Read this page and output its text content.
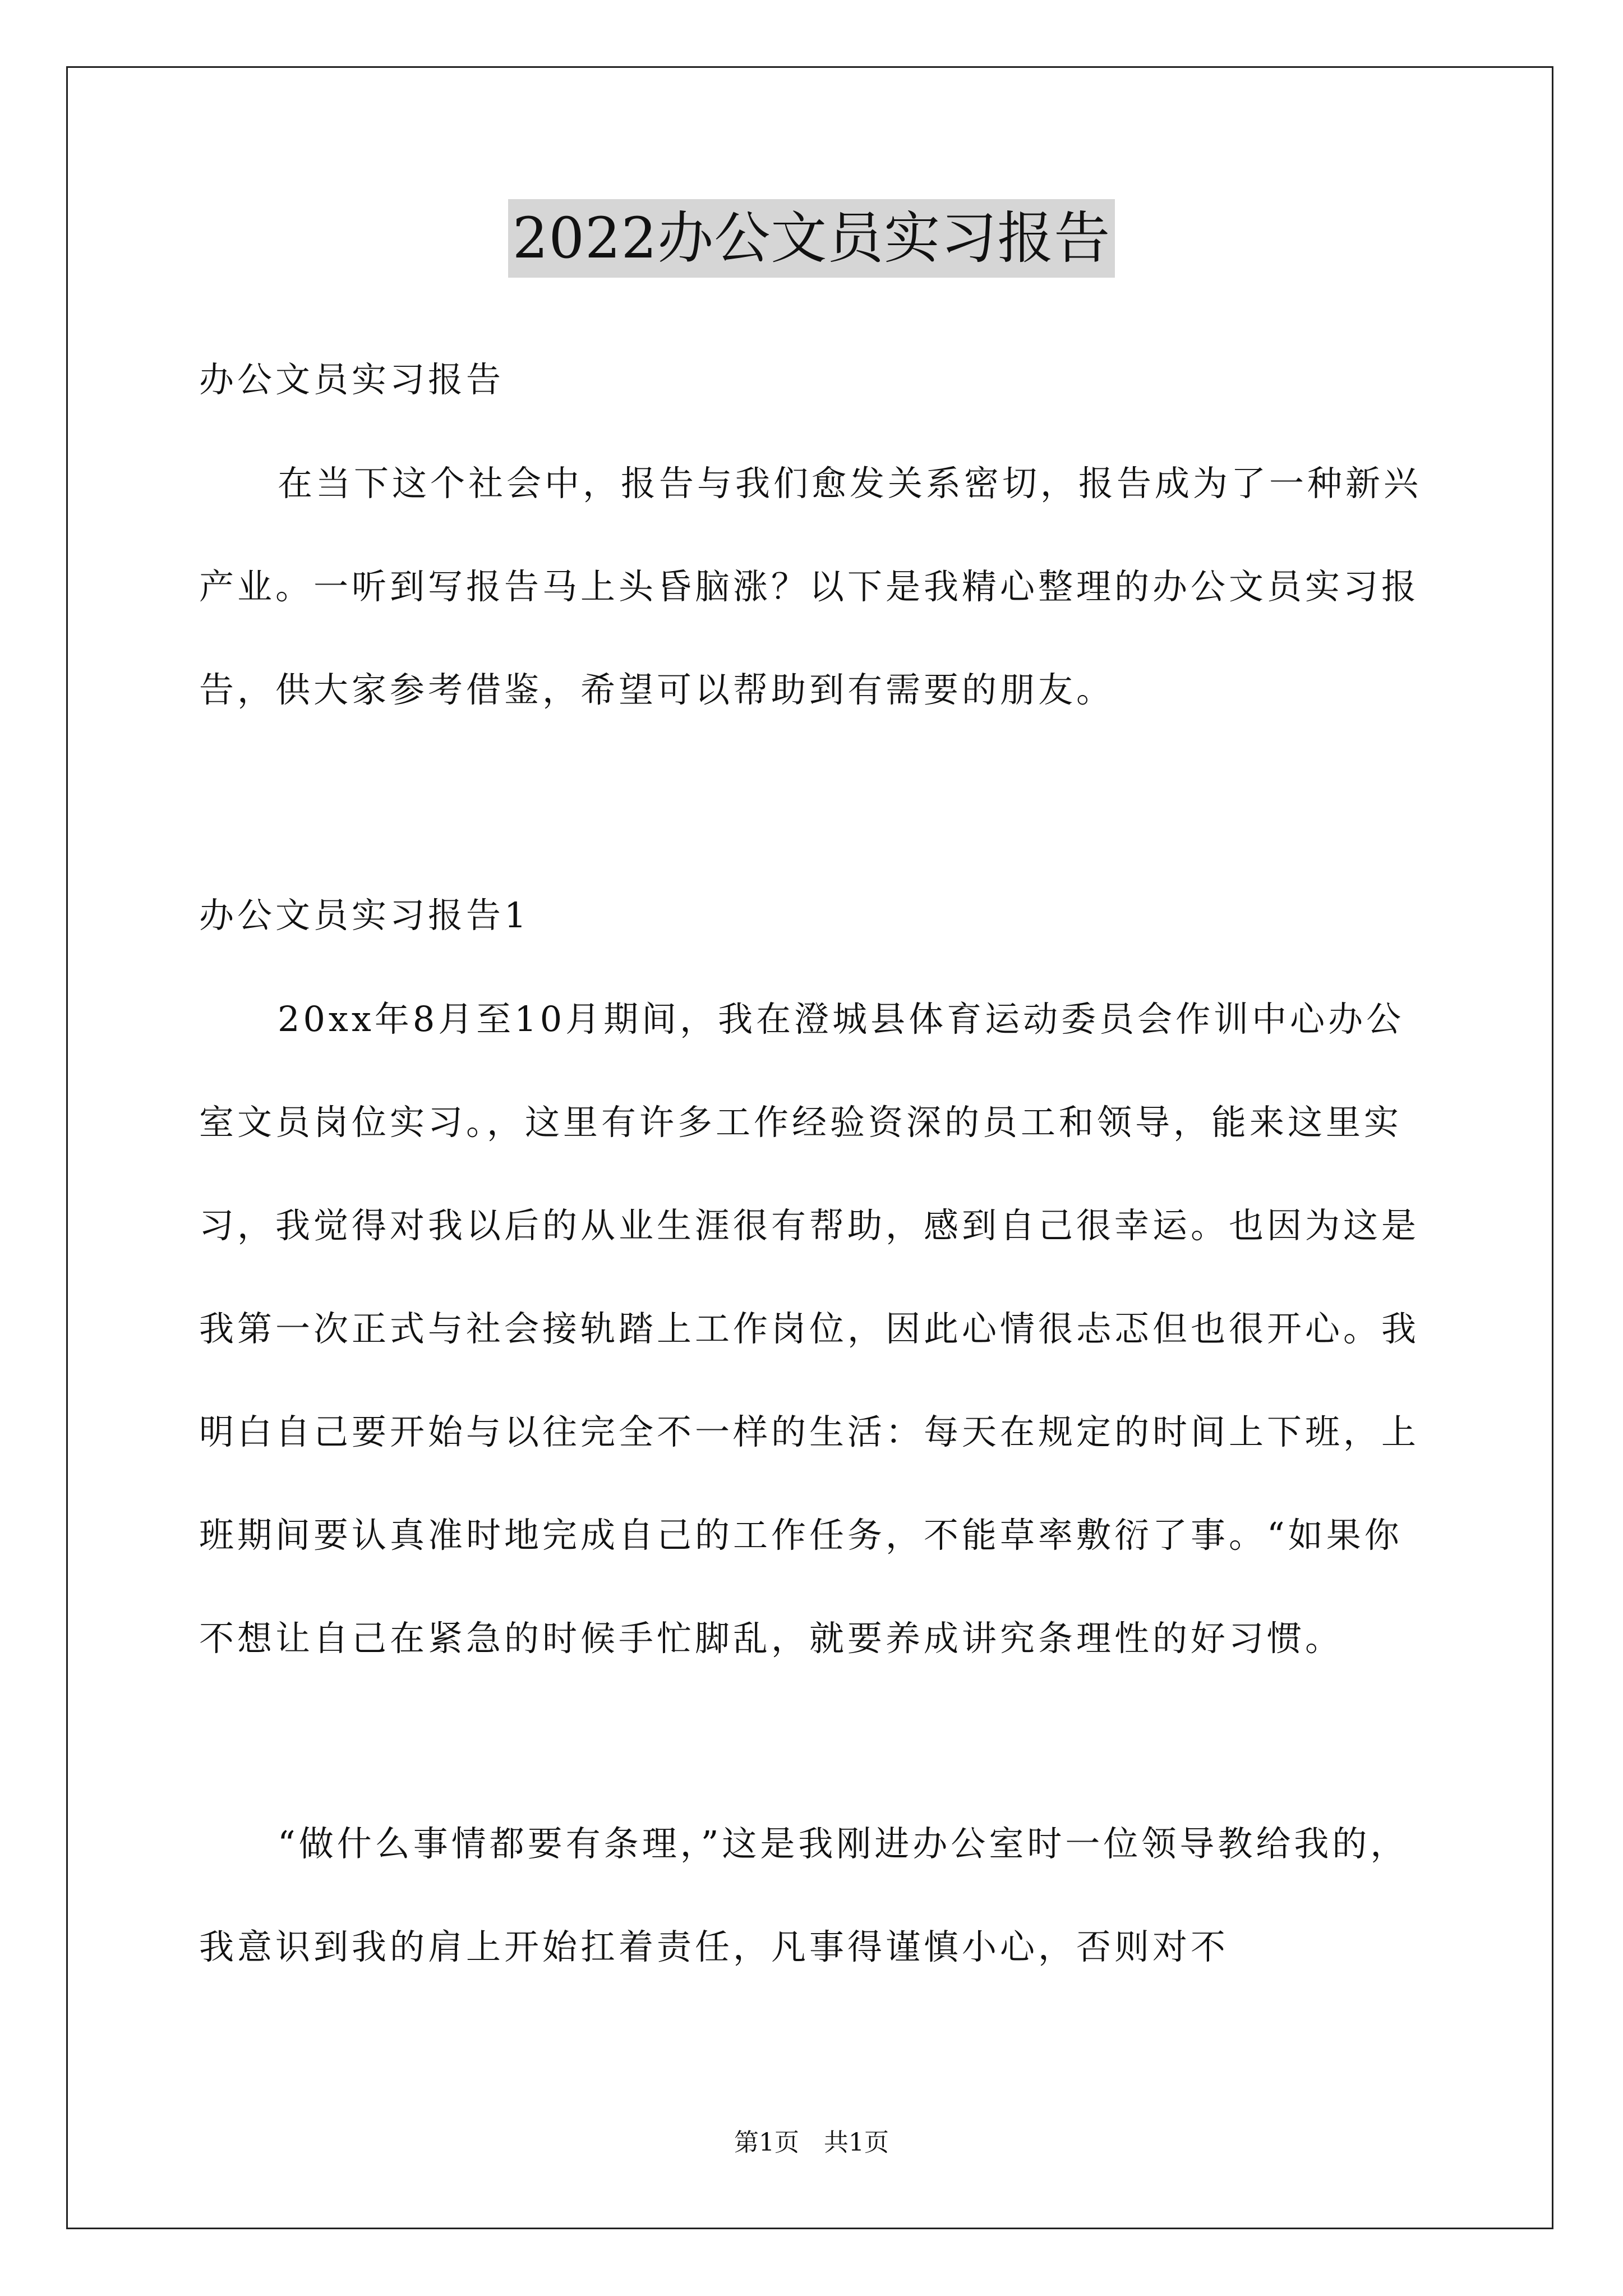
2022办公文员实习报告

办公文员实习报告

在当下这个社会中，报告与我们愈发关系密切，报告成为了一种新兴产业。一听到写报告马上头昏脑涨？以下是我精心整理的办公文员实习报告，供大家参考借鉴，希望可以帮助到有需要的朋友。

办公文员实习报告1

20xx年8月至10月期间，我在澄城县体育运动委员会作训中心办公室文员岗位实习。，这里有许多工作经验资深的员工和领导，能来这里实习，我觉得对我以后的从业生涯很有帮助，感到自己很幸运。也因为这是我第一次正式与社会接轨踏上工作岗位，因此心情很忐忑但也很开心。我明白自己要开始与以往完全不一样的生活：每天在规定的时间上下班，上班期间要认真准时地完成自己的工作任务，不能草率敷衍了事。“如果你不想让自己在紧急的时候手忙脚乱，就要养成讲究条理性的好习惯。

“做什么事情都要有条理，”这是我刚进办公室时一位领导教给我的，我意识到我的肩上开始扛着责任，凡事得谨慎小心，否则对不

第1页　共1页
